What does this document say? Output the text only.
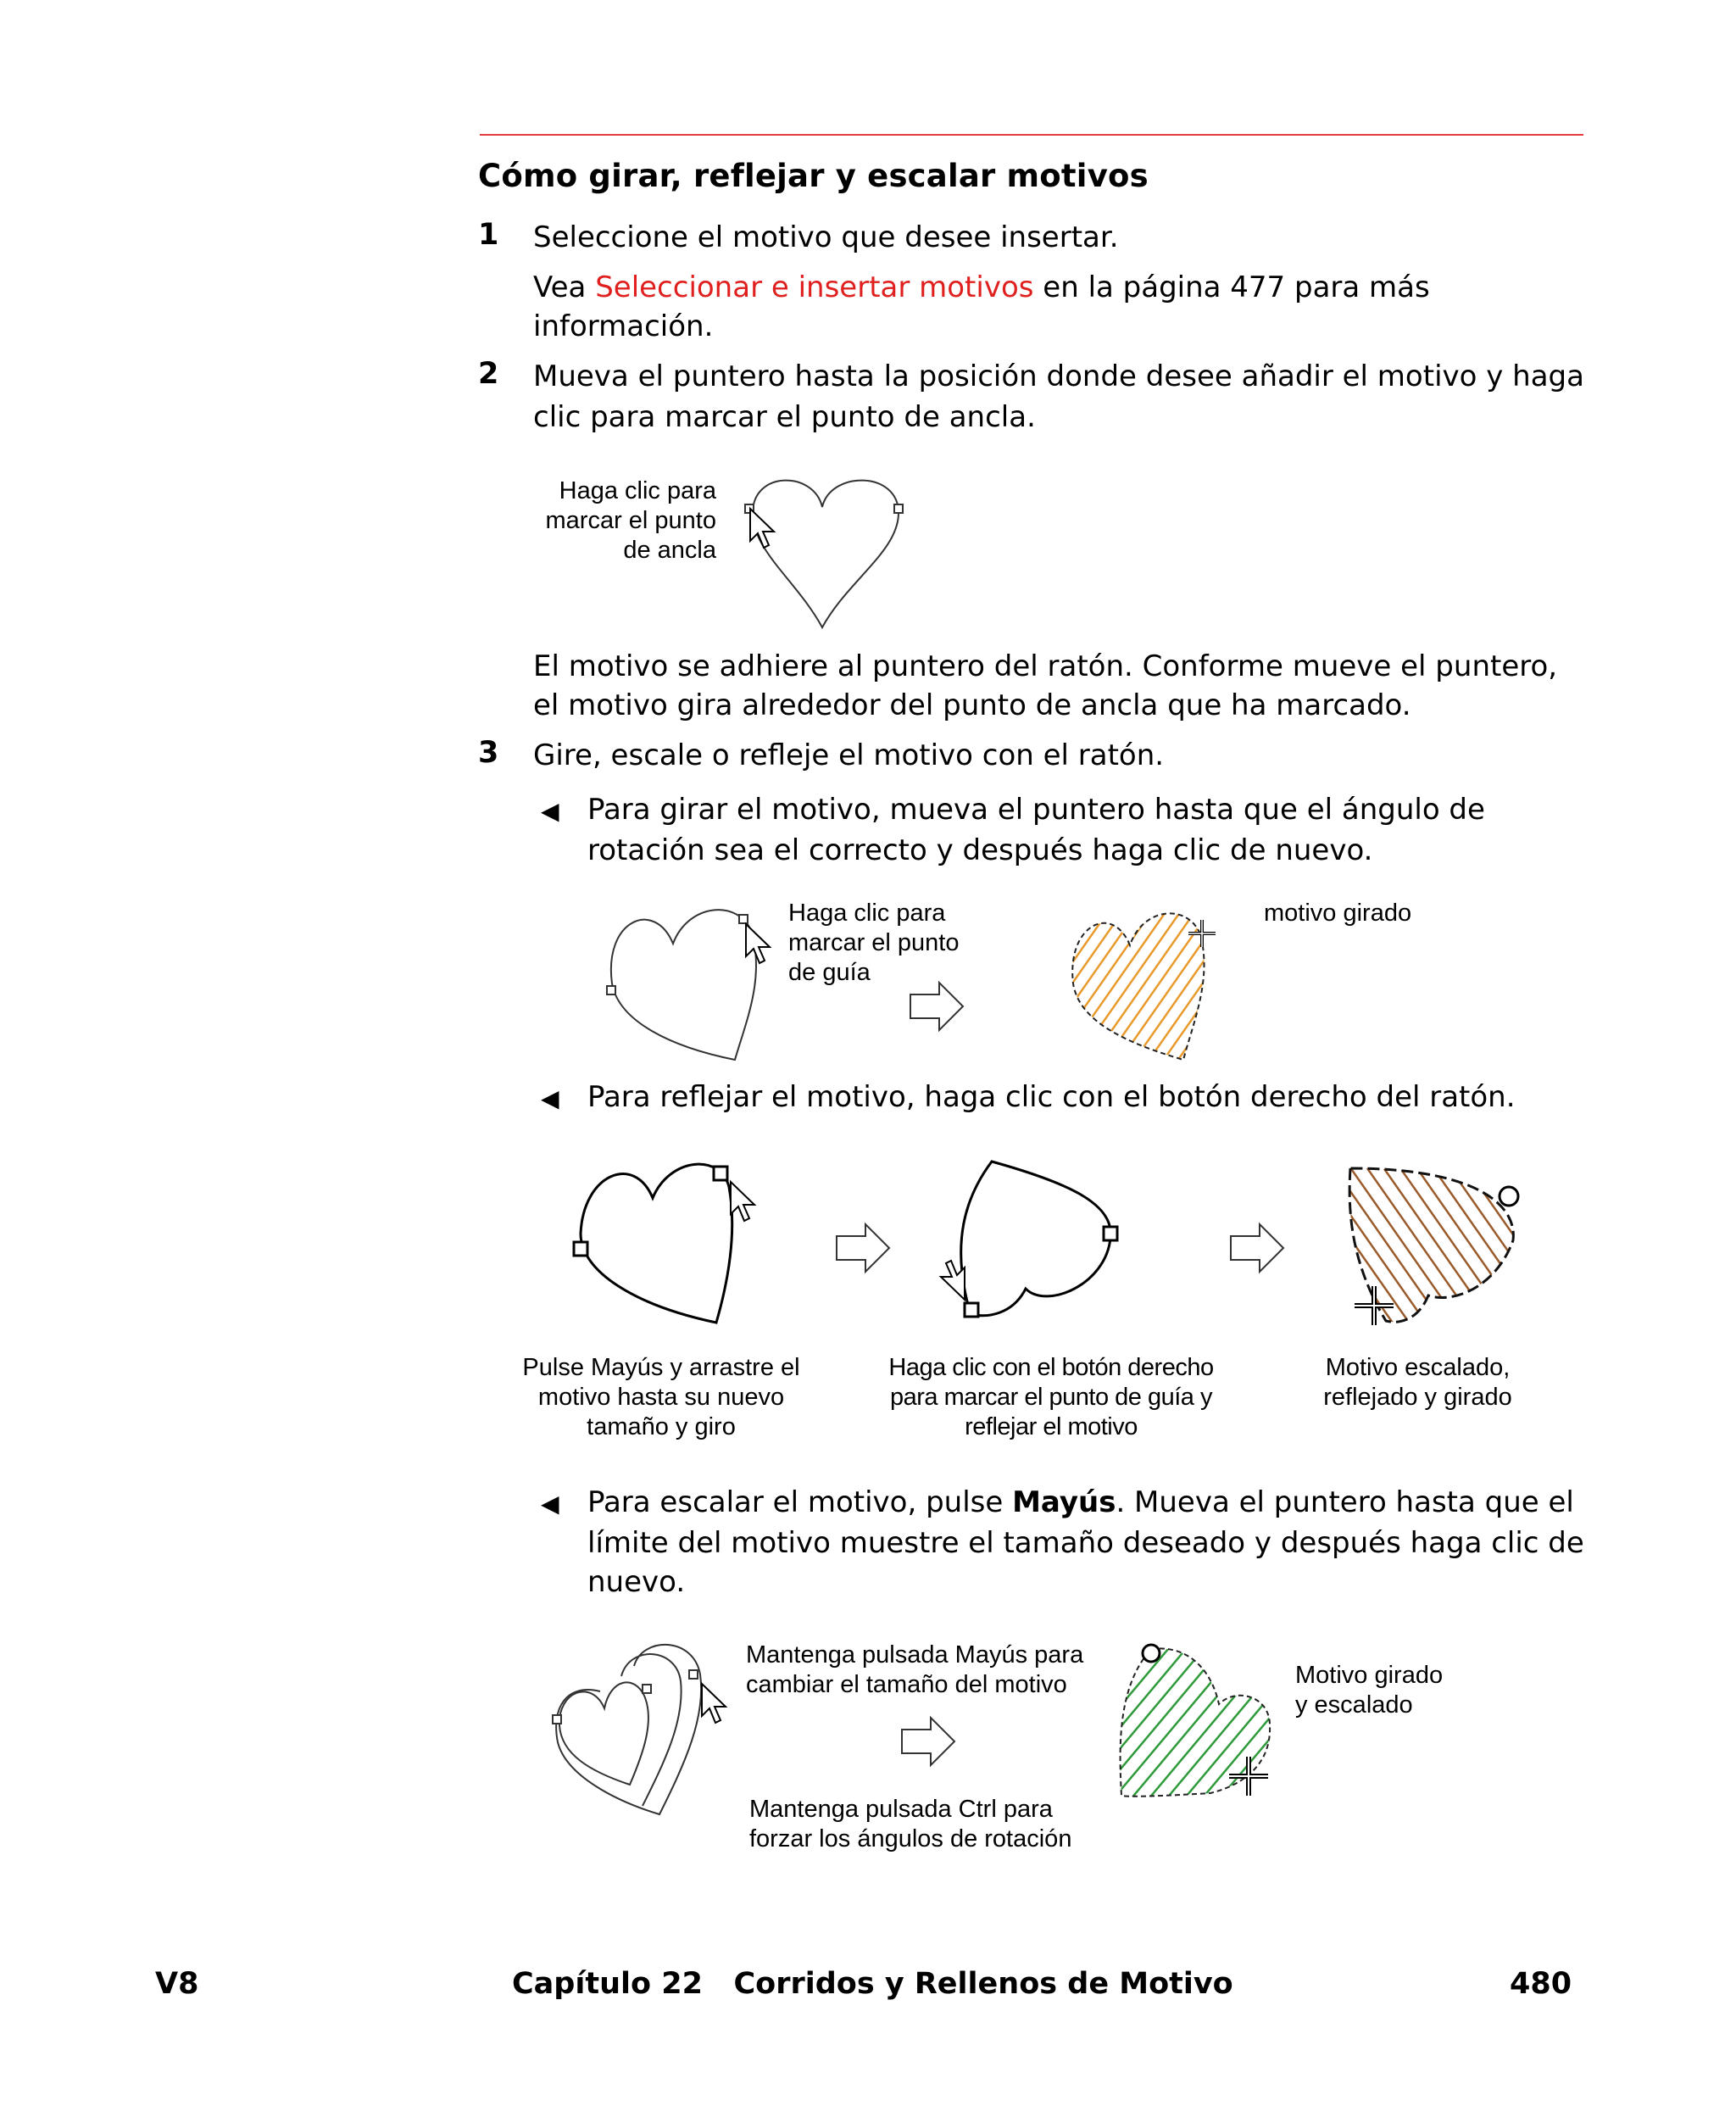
Cómo girar, reflejar y escalar motivos
1 Seleccione el motivo que desee insertar.
Vea Seleccionar e insertar motivos en la página 477 para más
información.
2 Mueva el puntero hasta la posición donde desee añadir el motivo y haga
clic para marcar el punto de ancla.
Haga clic para
marcar el punto
de ancla
El motivo se adhiere al puntero del ratón. Conforme mueve el puntero,
el motivo gira alrededor del punto de ancla que ha marcado.
3 Gire, escale o refleje el motivo con el ratón.
◀ Para girar el motivo, mueva el puntero hasta que el ángulo de
rotación sea el correcto y después haga clic de nuevo.
Haga clic para
marcar el punto
de guía
motivo girado
◀ Para reflejar el motivo, haga clic con el botón derecho del ratón.
Pulse Mayús y arrastre el
motivo hasta su nuevo
tamaño y giro
Haga clic con el botón derecho
para marcar el punto de guía y
reflejar el motivo
Motivo escalado,
reflejado y girado
◀ Para escalar el motivo, pulse Mayús. Mueva el puntero hasta que el
límite del motivo muestre el tamaño deseado y después haga clic de
nuevo.
Mantenga pulsada Mayús para
cambiar el tamaño del motivo
Mantenga pulsada Ctrl para
forzar los ángulos de rotación
Motivo girado
y escalado
V8	Capítulo 22   Corridos y Rellenos de Motivo	480
